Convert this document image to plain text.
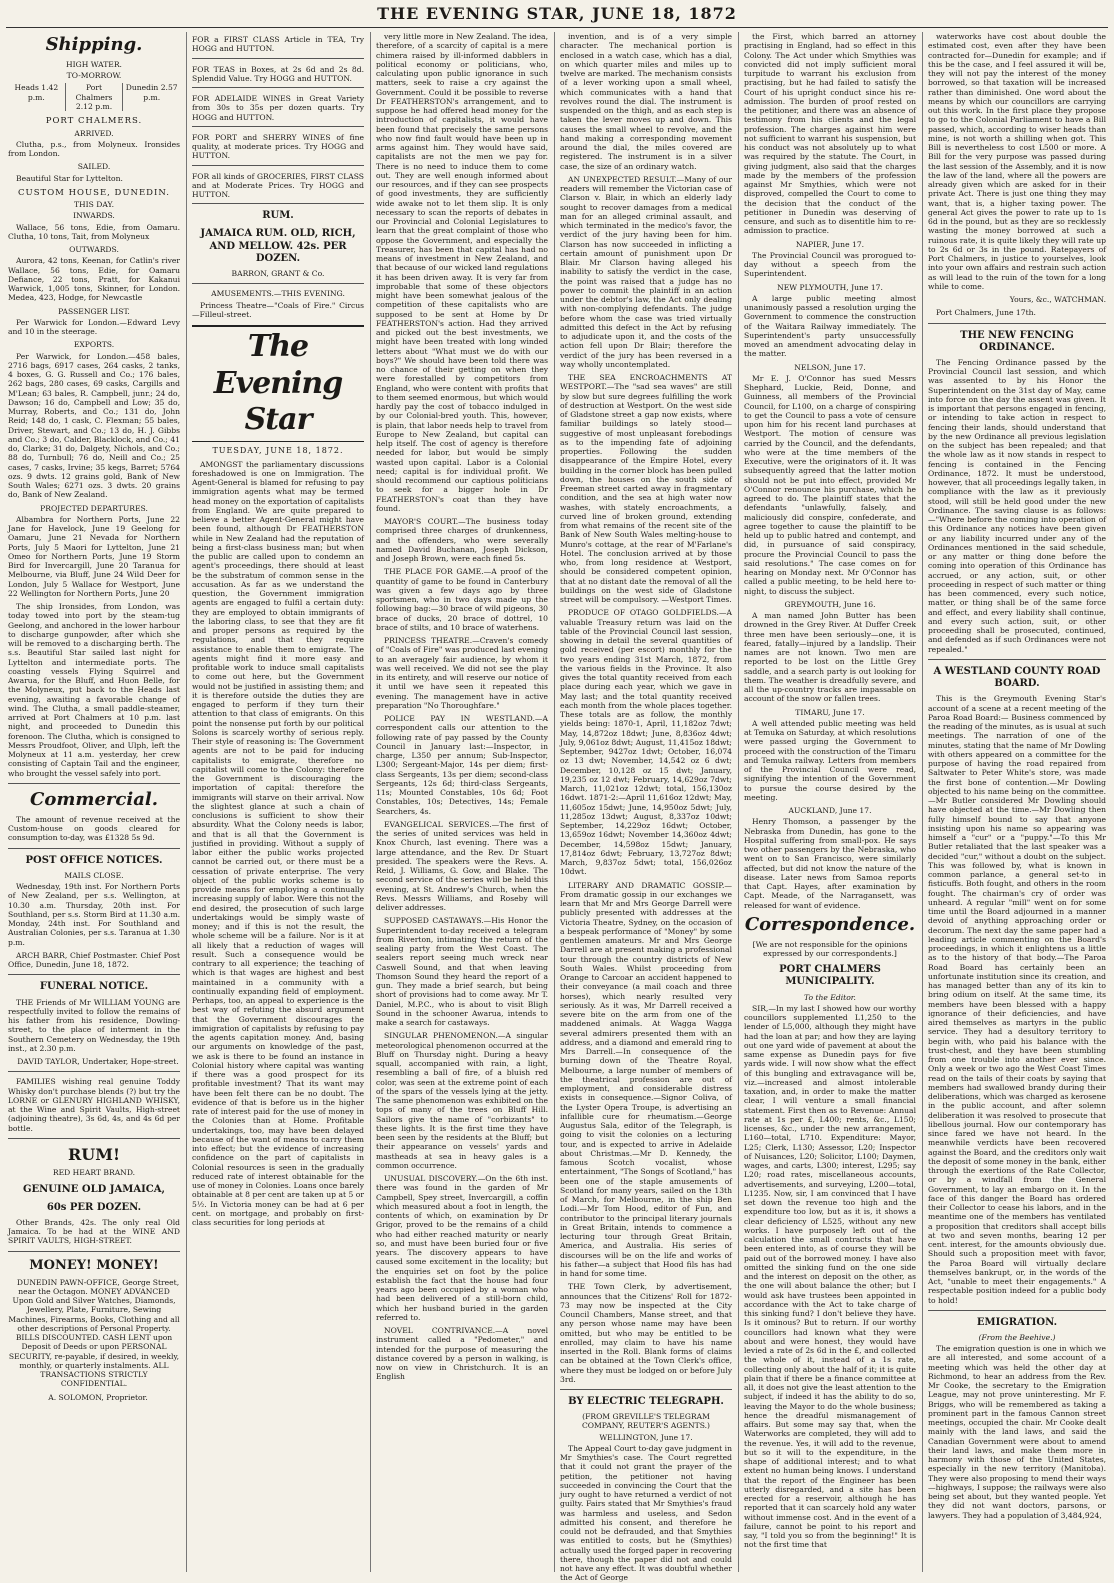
THE EVENING STAR, JUNE 18, 1872
Shipping.
HIGH WATER.
TO-MORROW.
Heads 1.42 p.m.
Port Chalmers 2.12 p.m.
Dunedin 2.57 p.m.
PORT CHALMERS.
ARRIVED.

Clutha, p.s., from Molyneux. Ironsides from London.

SAILED.

Beautiful Star for Lyttelton.

CUSTOM HOUSE, DUNEDIN.
THIS DAY.
INWARDS.

Wallace, 56 tons, Edie, from Oamaru. Clutha, 10 tons, Tait, from Molyneux

OUTWARDS.

Aurora, 42 tons, Keenan, for Catlin's river Wallace, 56 tons, Edie, for Oamaru Defiance, 22 tons, Pratt, for Kakanui Warwick, 1,005 tons, Skinner, for London. Medea, 423, Hodge, for Newcastle

PASSENGER LIST.

Per Warwick for London.—Edward Levy and 10 in the steerage.

EXPORTS.

Per Warwick, for London.—458 bales, 2716 bags, 6917 cases, 264 casks, 2 tanks, 4 boxes, G. G. Russell and Co.; 176 bales, 262 bags, 280 cases, 69 casks, Cargills and M'Lean; 63 bales, R. Campbell, junr.; 24 do, Dawson; 16 do, Campbell and Low; 35 do, Murray, Roberts, and Co.; 131 do, John Reid; 148 do, 1 cask, C. Flexman; 55 bales, Driver, Stewart, and Co.; 13 do, H. J. Gibbs and Co.; 3 do, Calder, Blacklock, and Co.; 41 do, Clarke; 31 do, Dalgety, Nichols, and Co.; 88 do, Turnbull; 76 do, Neill and Co.; 25 cases, 7 casks, Irvine; 35 kegs, Barret; 5764 ozs. 9 dwts. 12 grains gold, Bank of New South Wales; 6271 ozs. 3 dwts. 20 grains do, Bank of New Zealand.

PROJECTED DEPARTURES.

Albambra for Northern Ports, June 22 Jane for Havelock, June 19 Geelong for Oamaru, June 21 Nevada for Northern Ports, July 5 Maori for Lyttelton, June 21 Omeo for Northern Ports, June 19 Storm Bird for Invercargill, June 20 Taranua for Melbourne, via Bluff, June 24 Wild Deer for London, July 5 Wallace for Westport, June 22 Wellington for Northern Ports, June 20

The ship Ironsides, from London, was today towed into port by the steam-tug Geelong, and anchored in the lower harbour to discharge gunpowder, after which she will be removed to a discharging berth. The s.s. Beautiful Star sailed last night for Lyttelton and intermediate ports. The coasting vessels Flying Squirrel and Awarua, for the Bluff, and Huon Belle, for the Molyneux, put back to the Heads last evening, awaiting a favorable change of wind. The Clutha, a small paddle-steamer, arrived at Port Chalmers at 10 p.m. last night, and proceeded to Dunedin this forenoon. The Clutha, which is consigned to Messrs Proudfoot, Oliver, and Ulph, left the Molyneux at 11 a.m. yesterday, her crew consisting of Captain Tail and the engineer, who brought the vessel safely into port.

Commercial.

The amount of revenue received at the Custom-house on goods cleared for consumption to-day, was £1328 5s 9d.

POST OFFICE NOTICES.
MAILS CLOSE.

Wednesday, 19th inst. For Northern Ports of New Zealand, per s.s. Wellington, at 10.30 a.m. Thursday, 20th inst. For Southland, per s.s. Storm Bird at 11.30 a.m. Monday, 24th inst. For Southland and Australian Colonies, per s.s. Taranua at 1.30 p.m.

ARCH BARR, Chief Postmaster. Chief Post Office, Dunedin, June 18, 1872.

FUNERAL NOTICE.

THE Friends of Mr WILLIAM YOUNG are respectfully invited to follow the remains of his father from his residence, Dowling-street, to the place of interment in the Southern Cemetery on Wednesday, the 19th inst., at 2.30 p.m.

DAVID TAYLOR, Undertaker, Hope-street.

FAMILIES wishing real genuine Toddy Whisky don't purchase blends (?) but try the LORNE or GLENURY HIGHLAND WHISKY, at the Wine and Spirit Vaults, High-street (adjoining theatre), 3s 6d, 4s, and 4s 6d per bottle.

RUM!
RED HEART BRAND.
GENUINE OLD JAMAICA,
60s PER DOZEN.

Other Brands, 42s. The only real Old Jamaica. To be had at the WINE AND SPIRIT VAULTS, HIGH-STREET.

MONEY! MONEY!

DUNEDIN PAWN-OFFICE, George Street, near the Octagon. MONEY ADVANCED Upon Gold and Silver Watches, Diamonds, Jewellery, Plate, Furniture, Sewing Machines, Firearms, Books, Clothing and all other descriptions of Personal Property. BILLS DISCOUNTED. CASH LENT upon Deposit of Deeds or upon PERSONAL SECURITY, re-payable, if desired, in weekly, monthly, or quarterly instalments. ALL TRANSACTIONS STRICTLY CONFIDENTIAL.

A. SOLOMON, Proprietor.

FOR a FIRST CLASS Article in TEA, Try HOGG and HUTTON.
FOR TEAS in Boxes, at 2s 6d and 2s 8d. Splendid Value. Try HOGG and HUTTON.
FOR ADELAIDE WINES in Great Variety from 30s to 35s per dozen quarts. Try HOGG and HUTTON.
FOR PORT and SHERRY WINES of fine quality, at moderate prices. Try HOGG and HUTTON.
FOR all kinds of GROCERIES, FIRST CLASS and at Moderate Prices. Try HOGG and HUTTON.
RUM.
JAMAICA RUM. OLD, RICH, AND MELLOW. 42s. PER DOZEN.
BARRON, GRANT & Co.
AMUSEMENTS.—THIS EVENING.

Princess Theatre—"Coals of Fire." Circus—Filleul-street.

The Evening Star
TUESDAY, JUNE 18, 1872.

AMONGST the parliamentary discussions foreshadowed is one on Immigration. The Agent-General is blamed for refusing to pay immigration agents what may be termed head money on the exportation of capitalists from England. We are quite prepared to believe a better Agent-General might have been found, although Dr FEATHERSTON while in New Zealand had the reputation of being a first-class business man; but when the public are called upon to condemn an agent's proceedings, there should at least be the substratum of common sense in the accusation. As far as we understand the question, the Government immigration agents are engaged to fulfil a certain duty: they are employed to obtain immigrants of the laboring class, to see that they are fit and proper persons as required by the regulations, and that they require assistance to enable them to emigrate. The agents might find it more easy and profitable work to induce small capitalists to come out here, but the Government would not be justified in assisting them; and it is therefore outside the duties they are engaged to perform if they turn their attention to that class of emigrants. On this point the nonsense put forth by our political Solons is scarcely worthy of serious reply. Their style of reasoning is: The Government agents are not to be paid for inducing capitalists to emigrate, therefore no capitalist will come to the Colony: therefore the Government is discouraging the importation of capital: therefore the immigrants will starve on their arrival. Now the slightest glance at such a chain of conclusions is sufficient to show their absurdity. What the Colony needs is labor, and that is all that the Government is justified in providing. Without a supply of labor either the public works projected cannot be carried out, or there must be a cessation of private enterprise. The very object of the public works scheme is to provide means for employing a continually increasing supply of labor. Were this not the end desired, the prosecution of such large undertakings would be simply waste of money; and if this is not the result, the whole scheme will be a failure. Nor is it at all likely that a reduction of wages will result. Such a consequence would be contrary to all experience; the teaching of which is that wages are highest and best maintained in a community with a continually expanding field of employment. Perhaps, too, an appeal to experience is the best way of refuting the absurd argument that the Government discourages the immigration of capitalists by refusing to pay the agents capitation money. And, basing our arguments on knowledge of the past, we ask is there to be found an instance in Colonial history where capital was wanting if there was a good prospect for its profitable investment? That its want may have been felt there can be no doubt. The evidence of that is before us in the higher rate of interest paid for the use of money in the Colonies than at Home. Profitable undertakings, too, may have been delayed because of the want of means to carry them into effect; but the evidence of increasing confidence on the part of capitalists in Colonial resources is seen in the gradually reduced rate of interest obtainable for the use of money in Colonies. Loans once barely obtainable at 8 per cent are taken up at 5 or 5½. In Victoria money can be had at 6 per cent. on mortgage, and probably on first-class securities for long periods at

very little more in New Zealand. The idea, therefore, of a scarcity of capital is a mere chimera raised by ill-informed dabblers in political economy or politicians, who, calculating upon public ignorance in such matters, seek to raise a cry against the Government. Could it be possible to reverse Dr FEATHERSTON's arrangement, and to suppose he had offered head money for the introduction of capitalists, it would have been found that precisely the same persons who now find fault would have been up in arms against him. They would have said, capitalists are not the men we pay for. There is no need to induce them to come out. They are well enough informed about our resources, and if they can see prospects of good investments, they are sufficiently wide awake not to let them slip. It is only necessary to scan the reports of debates in our Provincial and Colonial Legislatures to learn that the great complaint of those who oppose the Government, and especially the Treasurer, has been that capital has had no means of investment in New Zealand, and that because of our wicked land regulations it has been driven away. It is very far from improbable that some of these objectors might have been somewhat jealous of the competition of these capitalists who are supposed to be sent at Home by Dr FEATHERSTON's action. Had they arrived and picked out the best investments, we might have been treated with long winded letters about "What must we do with our boys?" We should have been told there was no chance of their getting on when they were forestalled by competitors from England, who were content with profits that to them seemed enormous, but which would hardly pay the cost of tobacco indulged in by our Colonial-bred youth. This, however, is plain, that labor needs help to travel from Europe to New Zealand, but capital can help itself. The cost of agency is therefore needed for labor, but would be simply wasted upon capital. Labor is a Colonial need; capital is for individual profit. We should recommend our captious politicians to seek for a bigger hole in Dr FEATHERSTON's coat than they have found.

MAYOR'S COURT.—The business today comprised three charges of drunkenness, and the offenders, who were severally named David Buchanan, Joseph Dickson, and Joseph Brown, were each fined 5s.

THE PLACE FOR GAME.—A proof of the quantity of game to be found in Canterbury was given a few days ago by three sportsmen, who in two days made up the following bag:—30 brace of wild pigeons, 30 brace of ducks, 20 brace of dottrel, 10 brace of stilts, and 10 brace of waterhens.

PRINCESS THEATRE.—Craven's comedy of "Coals of Fire" was produced last evening to an averagely fair audience, by whom it was well received. We did not see the play in its entirety, and will reserve our notice of it until we have seen it repeated this evening. The management have in active preparation "No Thoroughfare."

POLICE PAY IN WESTLAND.—A correspondent calls our attention to the following rate of pay passed by the County Council in January last:—Inspector, in charge, L350 per annum; Sub-Inspector, L300; Sergeant-Major, 14s per diem; first-class Sergeants, 13s per diem; second-class Sergeants, 12s 6d; third-class Sergeants, 11s; Mounted Constables, 10s 6d; Foot Constables, 10s; Detectives, 14s; Female Searchers, 4s.

EVANGELICAL SERVICES.—The first of the series of united services was held in Knox Church, last evening. There was a large attendance, and the Rev. Dr Stuart presided. The speakers were the Revs. A. Reid, J. Williams, G. Gow, and Blake. The second service of the series will be held this evening, at St. Andrew's Church, when the Revs. Messrs Williams, and Roseby will deliver addresses.

SUPPOSED CASTAWAYS.—His Honor the Superintendent to-day received a telegram from Riverton, intimating the return of the sealing party from the West Coast. The sealers report seeing much wreck near Caswell Sound, and that when leaving Thomson Sound they heard the report of a gun. They made a brief search, but being short of provisions had to come away. Mr T. Daniel, M.P.C., who is about to visit Bligh Sound in the schooner Awarua, intends to make a search for castaways.

SINGULAR PHENOMENON.—A singular meteorological phenomenon occurred at the Bluff on Thursday night. During a heavy squall, accompanied with rain, a light, resembling a ball of fire, of a bluish red color, was seen at the extreme point of each of the spars of the vessels lying at the jetty. The same phenomenon was exhibited on the tops of many of the trees on Bluff Hill. Sailors give the name of "corbizants" to these lights. It is the first time they have been seen by the residents at the Bluff; but their appearance on vessels' yards and mastheads at sea in heavy gales is a common occurrence.

UNUSUAL DISCOVERY.—On the 6th inst. there was found in the garden of Mr Campbell, Spey street, Invercargill, a coffin which measured about a foot in length, the contents of which, on examination by Dr Grigor, proved to be the remains of a child who had either reached maturity or nearly so, and must have been buried four or five years. The discovery appears to have caused some excitement in the locality; but the enquiries set on foot by the police establish the fact that the house had four years ago been occupied by a woman who had been delivered of a still-born child, which her husband buried in the garden referred to.

NOVEL CONTRIVANCE.—A novel instrument called a "Pedometer," and intended for the purpose of measuring the distance covered by a person in walking, is now on view in Christchurch. It is an English

invention, and is of a very simple character. The mechanical portion is enclosed in a watch case, which has a dial, on which quarter miles and miles up to twelve are marked. The mechanism consists of a lever working upon a small wheel, which communicates with a hand that revolves round the dial. The instrument is suspended on the thigh, and as each step is taken the lever moves up and down. This causes the small wheel to revolve, and the hand making a corresponding movement around the dial, the miles covered are registered. The instrument is in a silver case, the size of an ordinary watch.

AN UNEXPECTED RESULT.—Many of our readers will remember the Victorian case of Clarson v. Blair, in which an elderly lady sought to recover damages from a medical man for an alleged criminal assault, and which terminated in the medico's favor, the verdict of the jury having been for him. Clarson has now succeeded in inflicting a certain amount of punishment upon Dr Blair. Mr Clarson having alleged his inability to satisfy the verdict in the case, the point was raised that a judge has no power to commit the plaintiff in an action under the debtor's law, the Act only dealing with non-complying defendants. The judge before whom the case was tried virtually admitted this defect in the Act by refusing to adjudicate upon it, and the costs of the action fell upon Dr Blair; therefore the verdict of the jury has been reversed in a way wholly uncontemplated.

THE SEA ENCROACHMENTS AT WESTPORT.—The "sad sea waves" are still by slow but sure degrees fulfilling the work of destruction at Westport. On the west side of Gladstone street a gap now exists, where familiar buildings so lately stood—suggestive of most unpleasant forebodings as to the impending fate of adjoining properties. Following the sudden disappearance of the Empire Hotel, every building in the corner block has been pulled down, the houses on the south side of Freeman street carted away in fragmentary condition, and the sea at high water now washes, with stately encroachments, a curved line of broken ground, extending from what remains of the recent site of the Bank of New South Wales melting-house to Munro's cottage, at the rear of M'Farlane's Hotel. The conclusion arrived at by those who, from long residence at Westport, should be considered competent opinion, that at no distant date the removal of all the buildings on the west side of Gladstone street will be compulsory. —Westport Times.

PRODUCE OF OTAGO GOLDFIELDS.—A valuable Treasury return was laid on the table of the Provincial Council last session, showing in detail the several quantities of gold received (per escort) monthly for the two years ending 31st March, 1872, from the various fields in the Province. It also gives the total quantity received from each place during each year, which we gave in May last; and the total quantity received each month from the whole places together. These totals are as follow, the monthly yields being: 1870-1, April, 11,182oz 7dwt; May, 14,872oz 18dwt; June, 8,836oz 4dwt; July, 9,061oz 8dwt; August, 11,415oz 18dwt; September, 9427oz 1dwt; October, 16,074 oz 13 dwt; November, 14,542 oz 6 dwt; December, 10,128 oz 15 dwt; January, 19,235 oz 12 dwt; February, 14,629oz 7dwt; March, 11,021oz 12dwt; total, 156,130oz 16dwt. 1871-2:—April 11,616oz 12dwt; May, 11,605oz 15dwt; June, 14,950oz 5dwt; July, 11,285oz 13dwt; August, 8,337oz 10dwt; September, 14,229oz 16dwt; October, 13,659oz 16dwt; November 14,360oz 4dwt; December, 14,598oz 15dwt; January, 17,814oz 6dwt; February, 13,727oz 8dwt; March, 9,837oz 5dwt; total, 156,026oz 10dwt.

LITERARY AND DRAMATIC GOSSIP.—From dramatic gossip in our exchanges we learn that Mr and Mrs George Darrell were publicly presented with addresses at the Victoria Theatre, Sydney, on the occasion of a bespeak performance of "Money" by some gentlemen amateurs. Mr and Mrs George Darrell are at present making a professional tour through the country districts of New South Wales. Whilst proceeding from Orange to Carcoar an accident happened to their conveyance (a mail coach and three horses), which nearly resulted very seriously. As it was, Mr Darrell received a severe bite on the arm from one of the maddened animals. At Wagga Wagga several admirers presented them with an address, and a diamond and emerald ring to Mrs Darrell.—In consequence of the burning down of the Theatre Royal, Melbourne, a large number of members of the theatrical profession are out of employment, and considerable distress exists in consequence.—Signor Coliva, of the Lyster Opera Troupe, is advertising an infallible cure for rheumatism.—George Augustus Sala, editor of the Telegraph, is going to visit the colonies on a lecturing tour, and is expected to arrive in Adelaide about Christmas.—Mr D. Kennedy, the famous Scotch vocalist, whose entertainment, "The Songs of Scotland," has been one of the staple amusements of Scotland for many years, sailed on the 13th of March, for Melbourne, in the ship Ben Lodi.—Mr Tom Hood, editor of Fun, and contributor to the principal literary journals in Great Britain, intends to commence a lecturing tour through Great Britain, America, and Australia. His series of discourses will be on the life and works of his father—a subject that Hood fils has had in hand for some time.

THE Town Clerk, by advertisement, announces that the Citizens' Roll for 1872-73 may now be inspected at the City Council Chambers, Manse street, and that any person whose name may have been omitted, but who may be entitled to be enrolled, may claim to have his name inserted in the Roll. Blank forms of claims can be obtained at the Town Clerk's office, where they must be lodged on or before July 3rd.

BY ELECTRIC TELEGRAPH.
(FROM GREVILLE'S TELEGRAM COMPANY, REUTER'S AGENTS.)
WELLINGTON, June 17.

The Appeal Court to-day gave judgment in Mr Smythies's case. The Court regretted that it could not grant the prayer of the petition, the petitioner not having succeeded in convincing the Court that the jury ought to have returned a verdict of not guilty. Fairs stated that Mr Smythies's fraud was harmless and useless, and Sedon admitted his consent, and therefore he could not be defrauded, and that Smythies was entitled to costs, but he (Smythies) actually used the forged paper in recovering there, though the paper did not and could not have any effect. It was doubtful whether the Act of George

the First, which barred an attorney practising in England, had so effect in this Colony. The Act under which Smythies was convicted did not imply sufficient moral turpitude to warrant his exclusion from practising, but he had failed to satisfy the Court of his upright conduct since his re-admission. The burden of proof rested on the petitioner, and there was an absence of testimony from his clients and the legal profession. The charges against him were not sufficient to warrant his suspension, but his conduct was not absolutely up to what was required by the statute. The Court, in giving judgment, also said that the charges made by the members of the profession against Mr Smythies, which were not disproved, compelled the Court to come to the decision that the conduct of the petitioner in Dunedin was deserving of censure, and such as to disentitle him to re-admission to practice.

NAPIER, June 17.

The Provincial Council was prorogued to-day without a speech from the Superintendent.

NEW PLYMOUTH, June 17.

A large public meeting almost unanimously passed a resolution urging the Government to commence the construction of the Waitara Railway immediately. The Superintendent's party unsuccessfully moved an amendment advocating delay in the matter.

NELSON, June 17.

Mr E. J. O'Connor has sued Messrs Shephard, Luckie, Reid, Donne, and Guinness, all members of the Provincial Council, for L100, on a charge of conspiring to get the Council to pass a vote of censure upon him for his recent land purchases at Westport. The motion of censure was carried by the Council, and the defendants, who were at the time members of the Executive, were the originators of it. It was subsequently agreed that the latter motion should not be put into effect, provided Mr O'Connor renounce his purchase, which he agreed to do. The plaintiff states that the defendants "unlawfully, falsely, and maliciously did conspire, confederate, and agree together to cause the plaintiff to be held up to public hatred and contempt, and did, in pursuance of said conspiracy, procure the Provincial Council to pass the said resolutions." The case comes on for hearing on Monday next. Mr O'Connor has called a public meeting, to be held here to-night, to discuss the subject.

GREYMOUTH, June 16.

A man named John Butter has been drowned in the Grey River. At Duffer Creek three men have been seriously—one, it is feared, fatally—injured by a landslip. Their names are not known. Two men are reported to be lost on the Little Grey saddle, and a search party is out looking for them. The weather is dreadfully severe, and all the up-country tracks are impassable on account of the snow or fallen trees.

TIMARU, June 17.

A well attended public meeting was held at Temuka on Saturday, at which resolutions were passed urging the Government to proceed with the construction of the Timaru and Temuka railway. Letters from members of the Provincial Council were read, signifying the intention of the Government to pursue the course desired by the meeting.

AUCKLAND, June 17.

Henry Thomson, a passenger by the Nebraska from Dunedin, has gone to the Hospital suffering from small-pox. He says two other passengers by the Nebraska, who went on to San Francisco, were similarly affected, but did not know the nature of the disease. Later news from Samoa reports that Capt. Hayes, after examination by Capt. Meade, of the Narragansett, was released for want of evidence.

Correspondence.
[We are not responsible for the opinions expressed by our correspondents.]
PORT CHALMERS MUNICIPALITY.
To the Editor.

SIR,—In my last I showed how our worthy councillors supplemented L1,250 to the lender of L5,000, although they might have had the loan at par; and how they are laying out one yard wide of pavement at about the same expense as Dunedin pays for five yards wide. I will now show what the effect of this bungling and extravagance will be, viz.—increased and almost intolerable taxation, and, in order to make the matter clear, I will venture a small financial statement. First then as to Revenue: Annual rate at 1s per £, L400; rents, &c., L150; licenses, &c., under the new arrangement, L160—total, L710. Expenditure: Mayor, L25; Clerk, L130; Assessor, L20; Inspector of Nuisances, L20; Solicitor, L100; Daymen, wages, and carts, L300; interest, L295; say L20; road rates, miscellaneous accounts, advertisements, and surveying, L200—total, L1235. Now, sir, I am convinced that I have set down the revenue too high and the expenditure too low, but as it is, it shows a clear deficiency of L525, without any new works. I have purposely left out of the calculation the small contracts that have been entered into, as of course they will be paid out of the borrowed money. I have also omitted the sinking fund on the one side and the interest on deposit on the other, as the one will about balance the other; but I would ask have trustees been appointed in accordance with the Act to take charge of this sinking fund? I don't believe they have. Is it ominous? But to return. If our worthy councillors had known what they were about and were honest, they would have levied a rate of 2s 6d in the £, and collected the whole of it, instead of a 1s rate, collecting only about the half of it; it is quite plain that if there be a finance committee at all, it does not give the least attention to the subject, if indeed it has the ability to do so, leaving the Mayor to do the whole business; hence the dreadful mismanagement of affairs. But some may say that, when the Waterworks are completed, they will add to the revenue. Yes, it will add to the revenue, but so it will to the expenditure, in the shape of additional interest; and to what extent no human being knows. I understand that the report of the Engineer has been utterly disregarded, and a site has been erected for a reservoir, although he has reported that it can scarcely hold any water without immense cost. And in the event of a failure, cannot be point to his report and say, "I told you so from the beginning!" It is not the first time that

waterworks have cost about double the estimated cost, even after they have been contracted for—Dunedin for example; and if this be the case, and I feel assured it will be, they will not pay the interest of the money borrowed, so that taxation will be increased rather than diminished. One word about the means by which our councillors are carrying out this work. In the first place they propose to go to the Colonial Parliament to have a Bill passed, which, according to wiser heads than mine, is not worth a shilling when got. This Bill is nevertheless to cost L500 or more. A Bill for the very purpose was passed during the last session of the Assembly, and it is now the law of the land, where all the powers are already given which are asked for in their private Act. There is just one thing they may want, that is, a higher taxing power. The general Act gives the power to rate up to 1s 6d in the pound, but as they are so recklessly wasting the money borrowed at such a ruinous rate, it is quite likely they will rate up to 2s 6d or 3s in the pound. Ratepayers of Port Chalmers, in justice to yourselves, look into your own affairs and restrain such action as will lead to the ruin of the town for a long while to come.

Yours, &c., WATCHMAN.

Port Chalmers, June 17th.

THE NEW FENCING ORDINANCE.

The Fencing Ordinance passed by the Provincial Council last session, and which was assented to by his Honor the Superintendent on the 31st day of May, came into force on the day the assent was given. It is important that persons engaged in fencing, or intending to take action in respect to fencing their lands, should understand that by the new Ordinance all previous legislation on the subject has been repealed; and that the whole law as it now stands in respect to fencing is contained in the Fencing Ordinance, 1872. It must be understood, however, that all proceedings legally taken, in compliance with the law as it previously stood, will still be held good under the new Ordinance. The saving clause is as follows: —"Where before the coming into operation of this Ordinance any notices have been given or any liability incurred under any of the Ordinances mentioned in the said schedule, or any matter or thing done before the coming into operation of this Ordinance has accrued, or any action, suit, or other proceeding in respect of such matter or thing has been commenced, every such notice, matter, or thing shall be of the same force and effect, and every liability shall continue, and every such action, suit, or other proceeding shall be prosecuted, continued, and defended as if such Ordinances were not repealed."

A WESTLAND COUNTY ROAD BOARD.

This is the Greymouth Evening Star's account of a scene at a recent meeting of the Paroa Road Board:— Business commenced by the reading of the minutes, as is usual at such meetings. The narration of one of the minutes, stating that the name of Mr Dowling with others appeared on a committee for the purpose of having the road repaired from Saltwater to Peter White's store, was made the first bone of contention.—Mr Dowling objected to his name being on the committee.—Mr Butler considered Mr Dowling should have objected at the time.—Mr Dowling then fully himself bound to say that anyone insisting upon his name so appearing was himself a "cur" or a "puppy."—To this Mr Butler retaliated that the last speaker was a decided "cur," without a doubt on the subject. This was followed by, what is known in common parlance, a general set-to in fisticuffs. Both fought, and others in the room fought. The chairman's cry of order was unheard. A regular "mill" went on for some time until the Board adjourned in a manner devoid of anything approaching order or decorum. The next day the same paper had a leading article commenting on the Board's proceedings, in which it enlightens us a little as to the history of that body.—The Paroa Road Board has certainly been an unfortunate institution since its creation, and has managed better than any of its kin to bring odium on itself. At the same time, its members have been blessed with a happy ignorance of their deficiencies, and have aired themselves as martyrs in the public service. They had a desultory territory to begin with, who paid his balance with the trust-chest, and they have been stumbling from one trouble into another ever since. Only a week or two ago the West Coast Times read on the tails of their coats by saying that members had swallowed brandy during their deliberations, which was charged as kerosene in the public account, and after solemn deliberation it was resolved to prosecute that libellous journal. How our contemporary has since fared we have not heard. In the meanwhile verdicts have been recovered against the Board, and the creditors only wait the deposit of some money in the bank, either through the exertions of the Rate Collector, or by a windfall from the General Government, to lay an embargo on it. In the face of this danger the Board has ordered their Collector to cease his labors, and in the meantime one of the members has ventilated a proposition that creditors shall accept bills at two and seven months, bearing 12 per cent. interest, for the amounts obviously due. Should such a proposition meet with favor, the Paroa Board will virtually declare themselves bankrupt, or, in the words of the Act, "unable to meet their engagements." A respectable position indeed for a public body to hold!

EMIGRATION.
(From the Beehive.)

The emigration question is one in which we are all interested, and some account of a meeting which was held the other day at Richmond, to hear an address from the Rev. Mr Cooke, the secretary to the Emigration League, may not prove uninteresting. Mr F. Briggs, who will be remembered as taking a prominent part in the famous Cannon street meetings, occupied the chair. Mr Cooke dealt mainly with the land laws, and said the Canadian Government were about to amend their land laws, and make them more in harmony with those of the United States, especially in the new territory (Manitoba). They were also proposing to mend their ways —highways, I suppose; the railways were also being set about, but they wanted people. Yet they did not want doctors, parsons, or lawyers. They had a population of 3,484,924,
